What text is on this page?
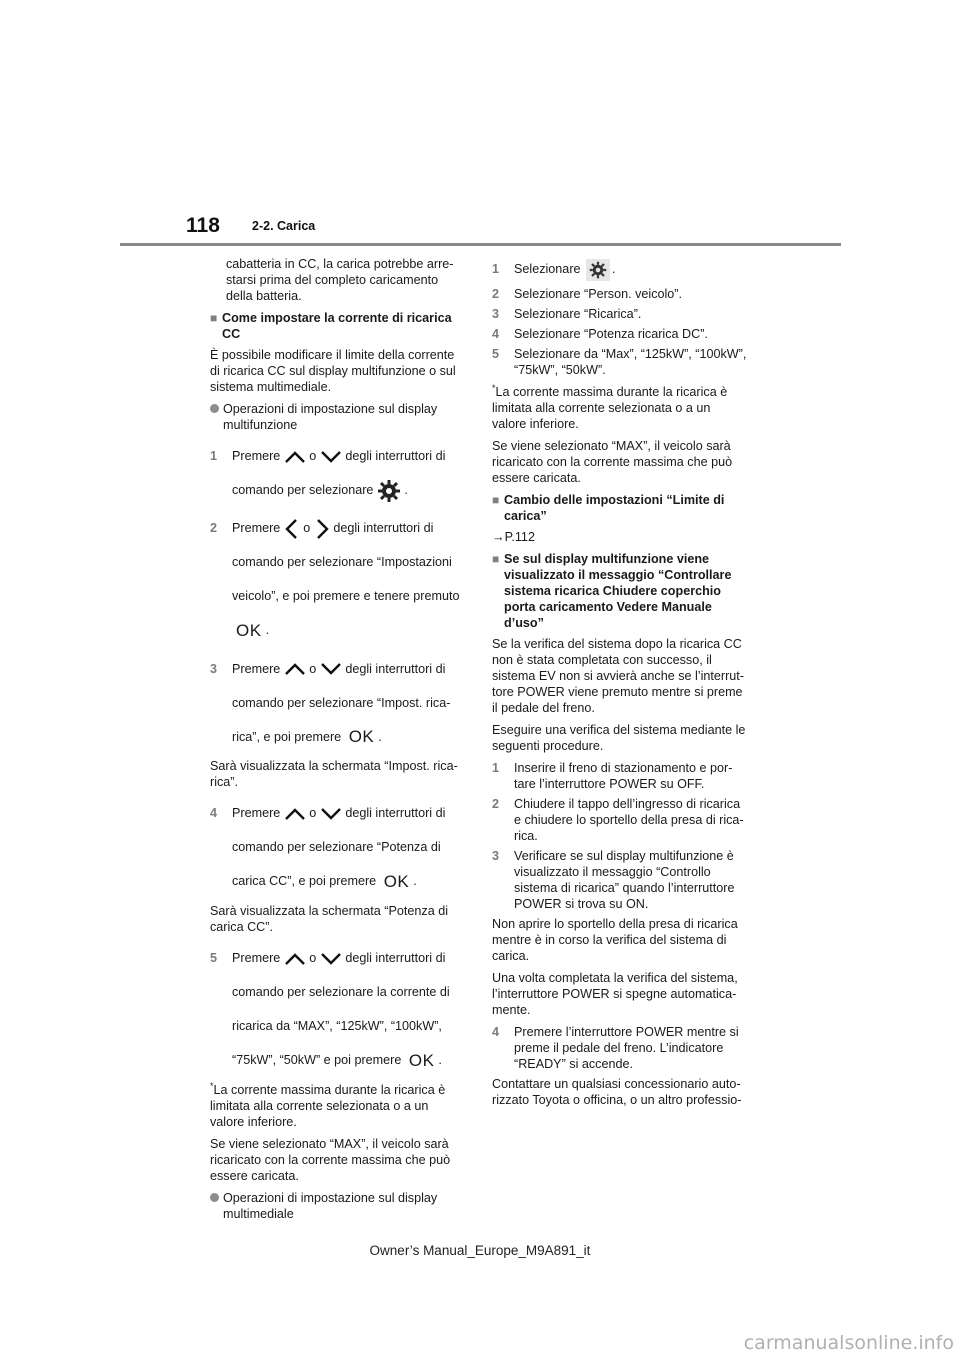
118	2-2. Carica

cabatteria in CC, la carica potrebbe arre-starsi prima del completo caricamento della batteria.

■ Come impostare la corrente di ricarica CC

È possibile modificare il limite della corrente di ricarica CC sul display multifunzione o sul sistema multimediale.

Operazioni di impostazione sul display multifunzione
1	Premere o degli interruttori di
comando per selezionare .
2	Premere o degli interruttori di
comando per selezionare “Impostazioni
veicolo”, e poi premere e tenere premuto
OK .
3	Premere o degli interruttori di
comando per selezionare “Impost. rica-
rica”, e poi premere OK .

Sarà visualizzata la schermata “Impost. rica-rica”.

4	Premere o degli interruttori di
comando per selezionare “Potenza di
carica CC”, e poi premere OK .

Sarà visualizzata la schermata “Potenza di carica CC”.

5	Premere o degli interruttori di
comando per selezionare la corrente di
ricarica da “MAX”, “125kW”, “100kW”,
“75kW”, “50kW” e poi premere OK .

*La corrente massima durante la ricarica è limitata alla corrente selezionata o a un valore inferiore.

Se viene selezionato “MAX”, il veicolo sarà ricaricato con la corrente massima che può essere caricata.

Operazioni di impostazione sul display multimediale
1	Selezionare	.
2	Selezionare “Person. veicolo”.
3	Selezionare “Ricarica”.
4	Selezionare “Potenza ricarica DC”.
5	Selezionare da “Max”, “125kW”, “100kW”, “75kW”, “50kW”.

*La corrente massima durante la ricarica è limitata alla corrente selezionata o a un valore inferiore.

Se viene selezionato “MAX”, il veicolo sarà ricaricato con la corrente massima che può essere caricata.

■ Cambio delle impostazioni “Limite di carica”

→P.112

■ Se sul display multifunzione viene visualizzato il messaggio “Controllare sistema ricarica Chiudere coperchio porta caricamento Vedere Manuale d’uso”

Se la verifica del sistema dopo la ricarica CC non è stata completata con successo, il sistema EV non si avvierà anche se l’interrut-tore POWER viene premuto mentre si preme il pedale del freno.

Eseguire una verifica del sistema mediante le seguenti procedure.

1	Inserire il freno di stazionamento e por-tare l’interruttore POWER su OFF.
2	Chiudere il tappo dell’ingresso di ricarica e chiudere lo sportello della presa di rica-rica.
3	Verificare se sul display multifunzione è visualizzato il messaggio “Controllo sistema di ricarica” quando l’interruttore POWER si trova su ON.

Non aprire lo sportello della presa di ricarica mentre è in corso la verifica del sistema di carica.

Una volta completata la verifica del sistema, l’interruttore POWER si spegne automatica-mente.

4	Premere l’interruttore POWER mentre si preme il pedale del freno. L’indicatore “READY” si accende.

Contattare un qualsiasi concessionario auto-rizzato Toyota o officina, o un altro professio-

Owner’s Manual_Europe_M9A891_it
carmanualsonline.info
